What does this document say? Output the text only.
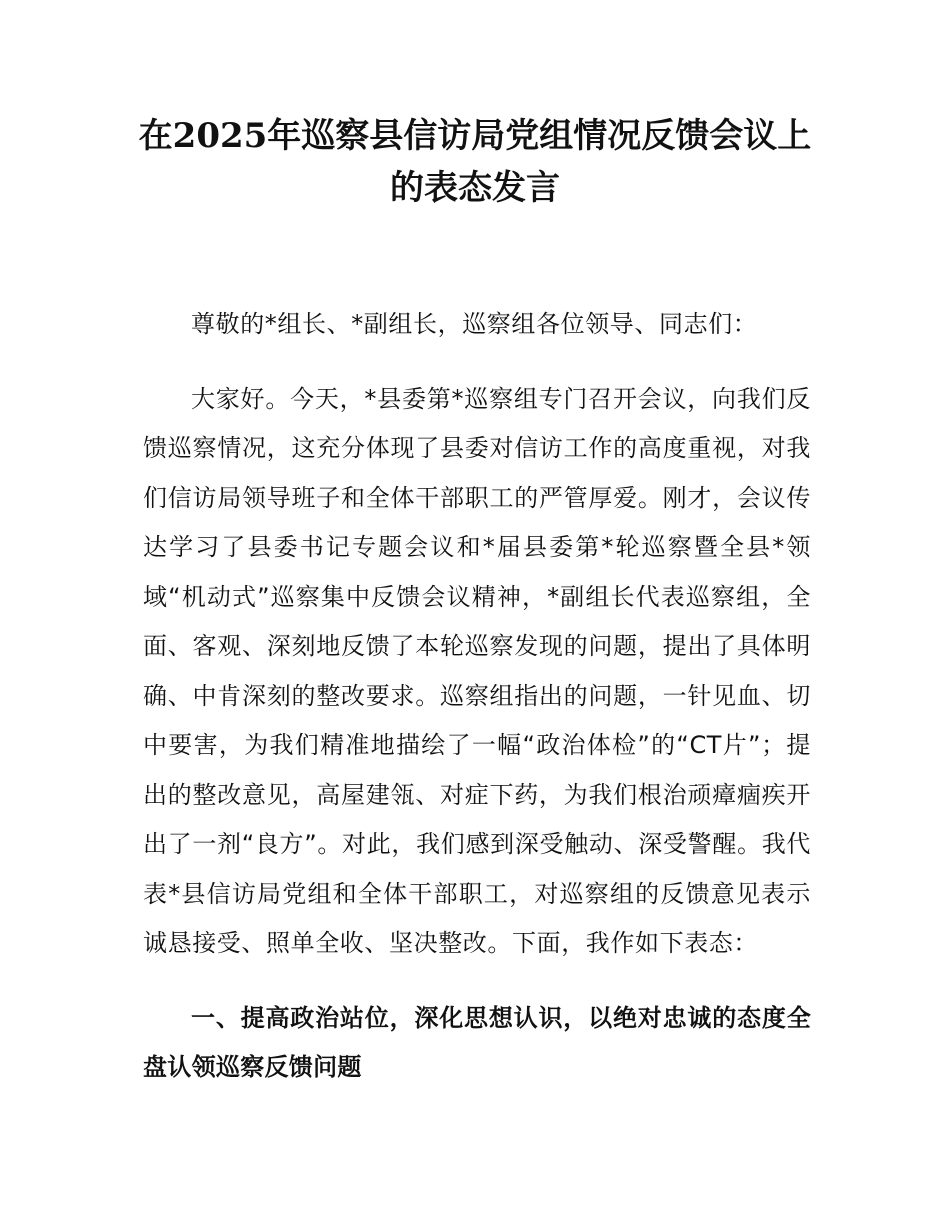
在2025年巡察县信访局党组情况反馈会议上的表态发言

尊敬的*组长、*副组长，巡察组各位领导、同志们：

大家好。今天，*县委第*巡察组专门召开会议，向我们反馈巡察情况，这充分体现了县委对信访工作的高度重视，对我们信访局领导班子和全体干部职工的严管厚爱。刚才，会议传达学习了县委书记专题会议和*届县委第*轮巡察暨全县*领域“机动式”巡察集中反馈会议精神，*副组长代表巡察组，全面、客观、深刻地反馈了本轮巡察发现的问题，提出了具体明确、中肯深刻的整改要求。巡察组指出的问题，一针见血、切中要害，为我们精准地描绘了一幅“政治体检”的“CT片”；提出的整改意见，高屋建瓴、对症下药，为我们根治顽瘴痼疾开出了一剂“良方”。对此，我们感到深受触动、深受警醒。我代表*县信访局党组和全体干部职工，对巡察组的反馈意见表示诚恳接受、照单全收、坚决整改。下面，我作如下表态：

一、提高政治站位，深化思想认识，以绝对忠诚的态度全盘认领巡察反馈问题
